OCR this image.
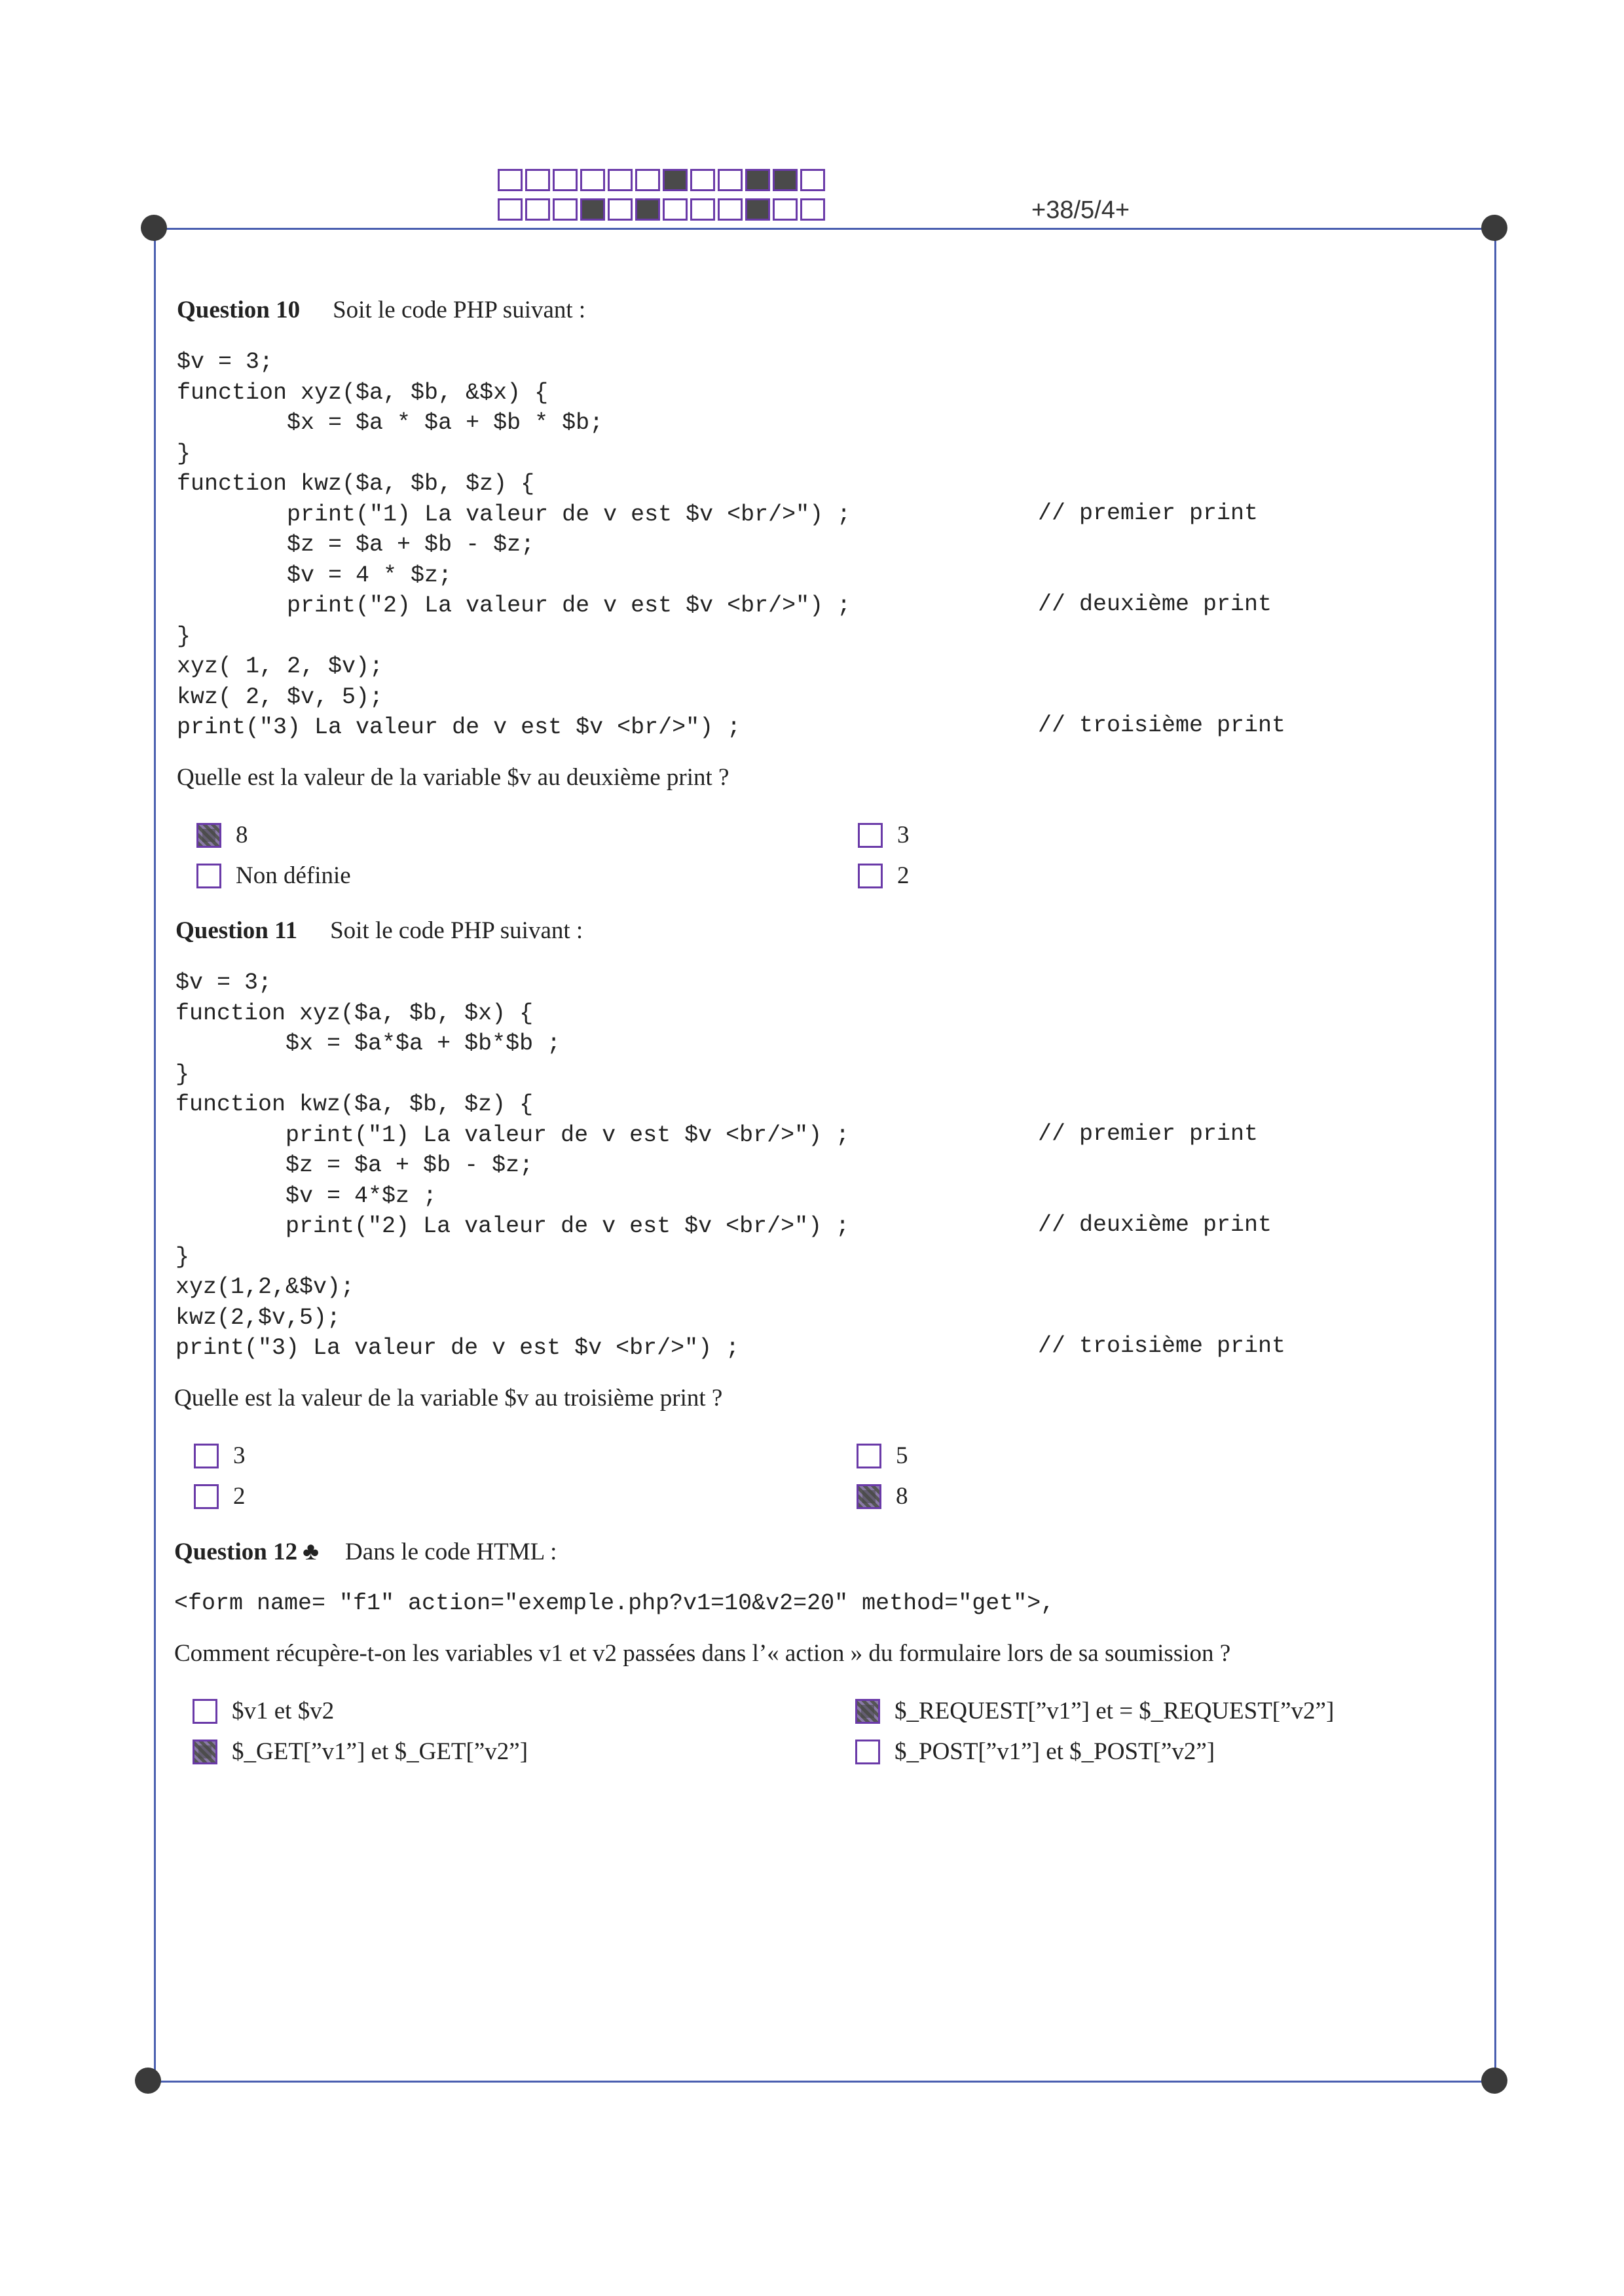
+38/5/4+
Question 10 Soit le code PHP suivant :
$v = 3;
function xyz($a, $b, &$x) {
$x = $a * $a + $b * $b;
}
function kwz($a, $b, $z) {
print("1) La valeur de v est $v <br/>") ;
$z = $a + $b - $z;
$v = 4 * $z;
print("2) La valeur de v est $v <br/>") ;
}
xyz( 1, 2, $v);
kwz( 2, $v, 5);
print("3) La valeur de v est $v <br/>") ;
// premier print
// deuxième print
// troisième print
Quelle est la valeur de la variable $v au deuxième print ?
8	3
Non définie	2
Question 11 Soit le code PHP suivant :
$v = 3;
function xyz($a, $b, $x) {
$x = $a*$a + $b*$b ;
}
function kwz($a, $b, $z) {
print("1) La valeur de v est $v <br/>") ;
$z = $a + $b - $z;
$v = 4*$z ;
print("2) La valeur de v est $v <br/>") ;
}
xyz(1,2,&$v);
kwz(2,$v,5);
print("3) La valeur de v est $v <br/>") ;
// premier print
// deuxième print
// troisième print
Quelle est la valeur de la variable $v au troisième print ?
3	5
2	8
Question 12 ♣ Dans le code HTML :
<form name= "f1" action="exemple.php?v1=10&v2=20" method="get">,
Comment récupère-t-on les variables v1 et v2 passées dans l’« action » du formulaire lors de sa soumission ?
$v1 et $v2	$_REQUEST[”v1”] et = $_REQUEST[”v2”]
$_GET[”v1”] et $_GET[”v2”]	$_POST[”v1”] et $_POST[”v2”]
